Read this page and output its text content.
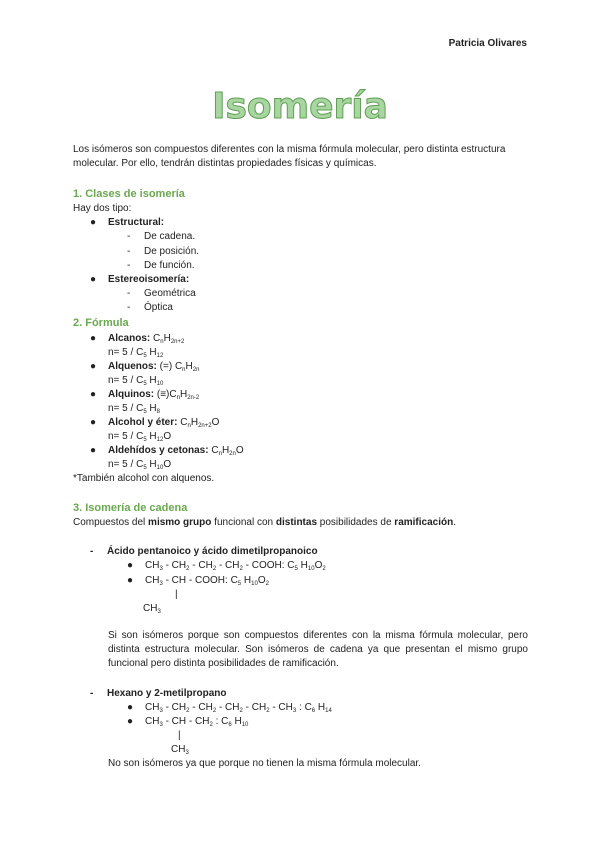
Patricia Olivares
Isomería
Los isómeros son compuestos diferentes con la misma fórmula molecular, pero distinta estructura molecular. Por ello, tendrán distintas propiedades físicas y químicas.
1. Clases de isomería
Hay dos tipo:
● Estructural:
- De cadena.
- De posición.
- De función.
● Estereoisomería:
- Geométrica
- Óptica
2. Fórmula
● Alcanos: $C_nH_{2n+2}$
$n= 5 / C_5$ $H_{12}$
● Alquenos: (=) $C_nH_{2n}$
$n= 5 / C_5$ $H_{10}$
● Alquinos: $(\equiv)C_nH_{2n-2}$
$n= 5 / C_5$ $H_8$
● Alcohol y éter: $C_nH_{2n+2}O$
$n= 5 / C_5$ $H_{12}O$
● Aldehídos y cetonas: $C_nH_{2n}O$
$n= 5 / C_5$ $H_{10}O$
*También alcohol con alquenos.
3. Isomería de cadena
Compuestos del mismo grupo funcional con distintas posibilidades de ramificación.
- Ácido pentanoico y ácido dimetilpropanoico
● $CH_3 - CH_2 - CH_2 - CH_2$ - COOH: $C_5$ $H_{10}O_2$
● $CH_3$ - CH - COOH: $C_5$ $H_{10}O_2$
|
$CH_3$
Si son isómeros porque son compuestos diferentes con la misma fórmula molecular, pero distinta estructura molecular. Son isómeros de cadena ya que presentan el mismo grupo funcional pero distinta posibilidades de ramificación.
- Hexano y 2-metilpropano
● $CH_3 - CH_2 - CH_2 - CH_2 - CH_2 - CH_3$ : $C_6$ $H_{14}$
● $CH_3$ - CH - $CH_2$ : $C_6$ $H_{10}$
|
$CH_3$
No son isómeros ya que porque no tienen la misma fórmula molecular.
